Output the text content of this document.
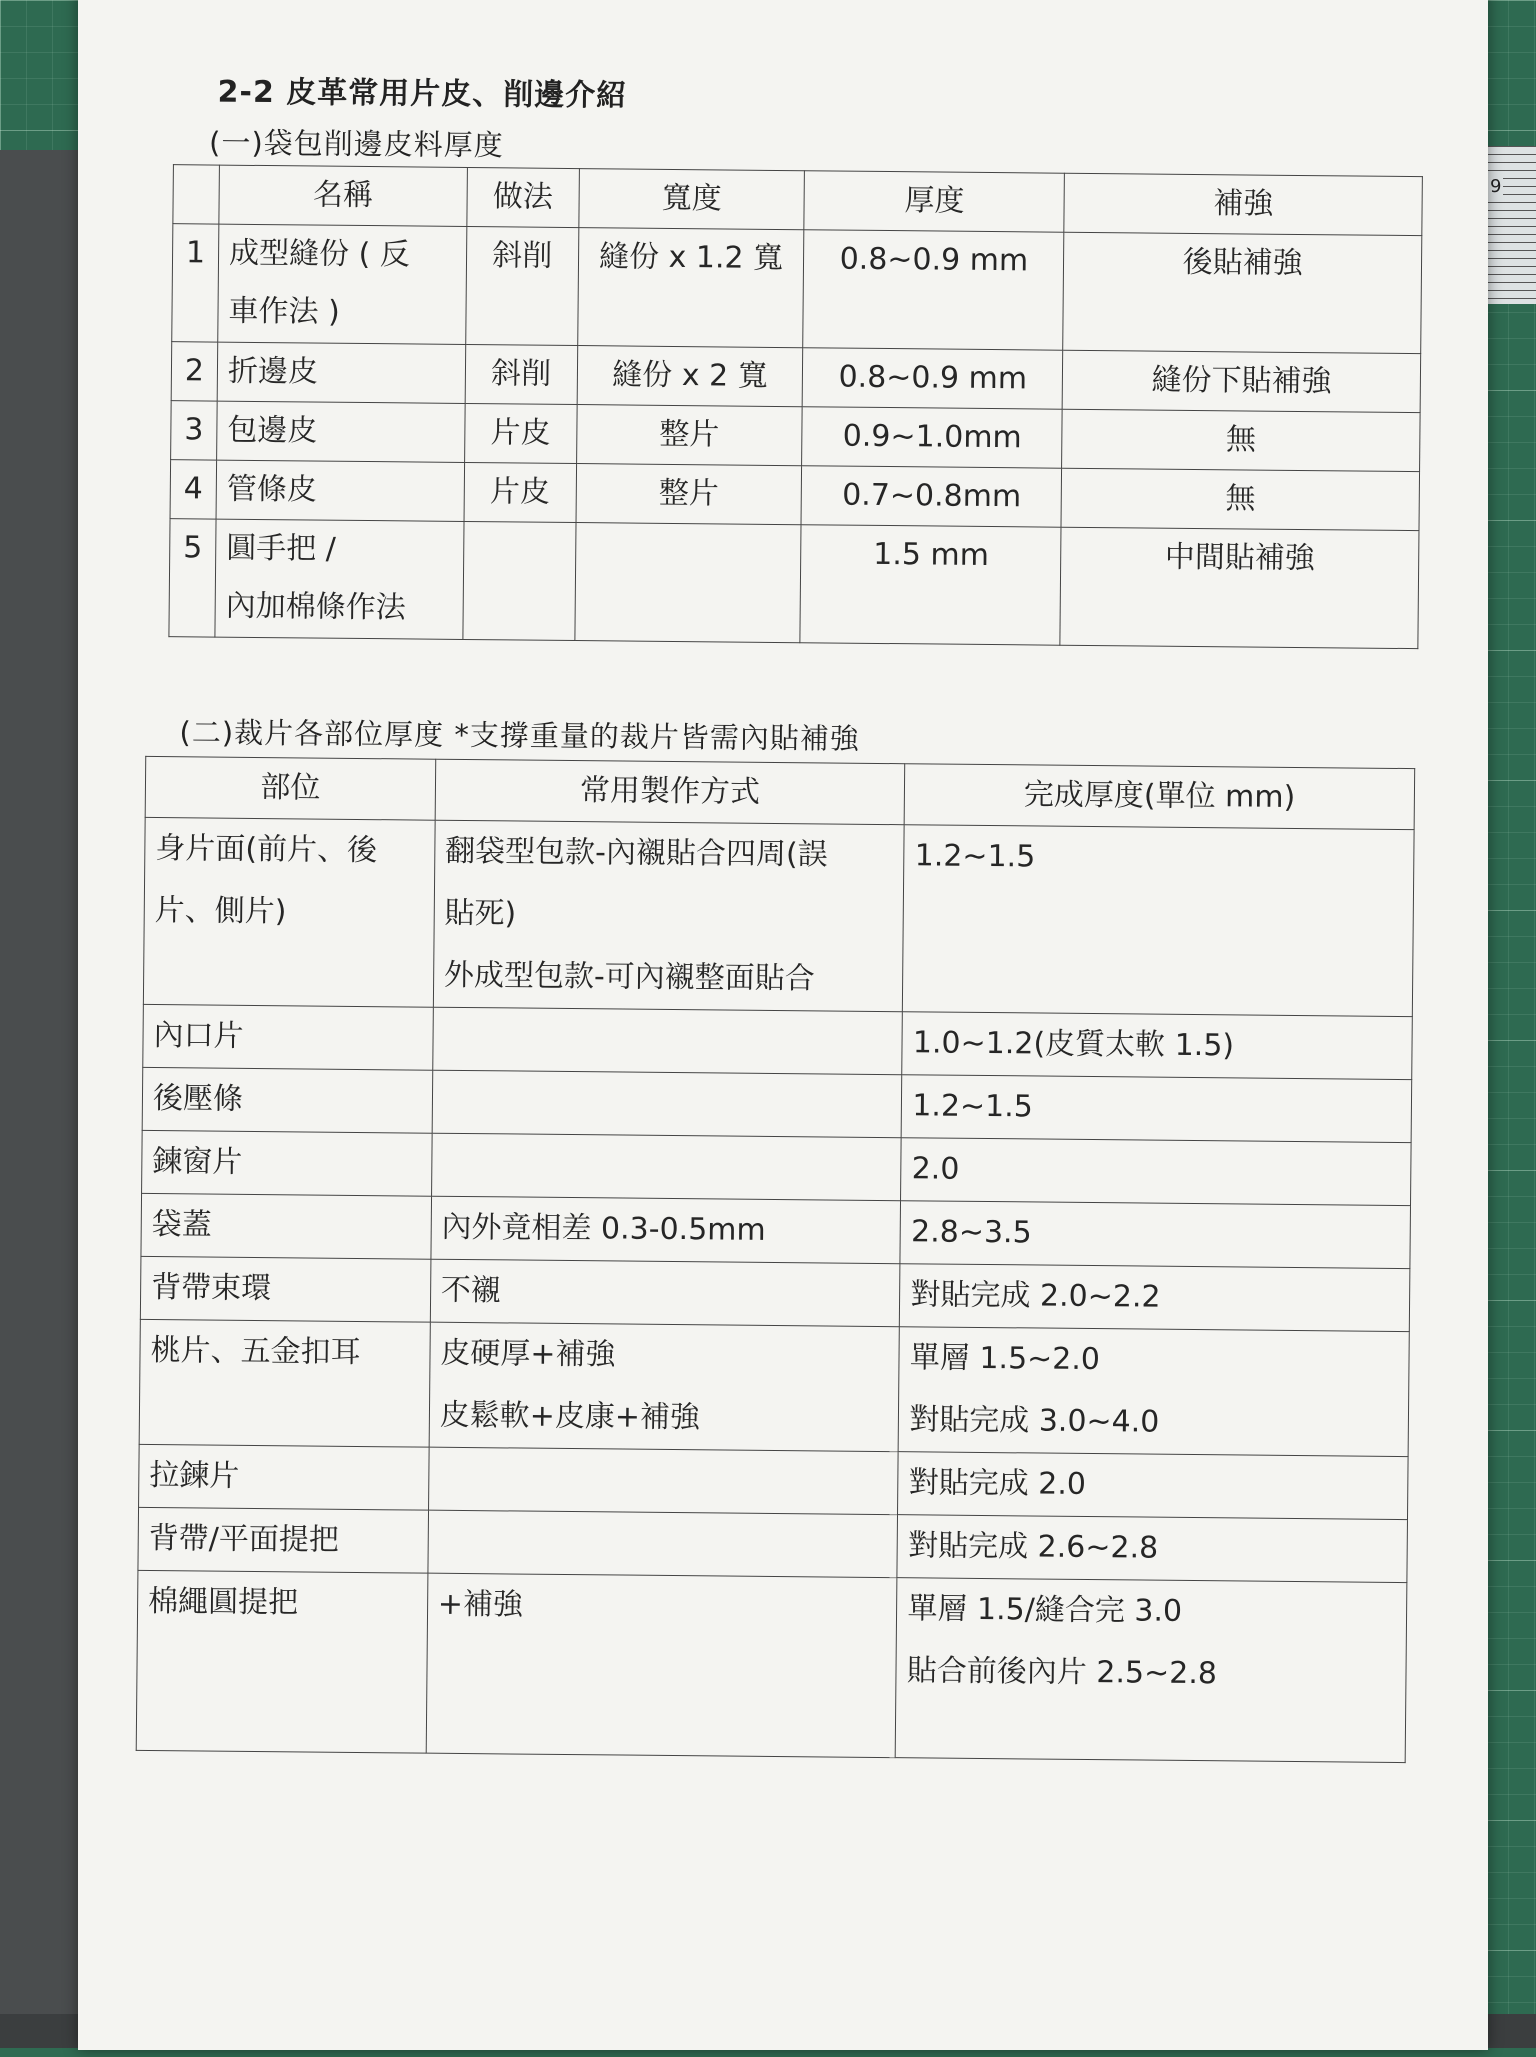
9
2-2 皮革常用片皮、削邊介紹
(一)袋包削邊皮料厚度
	名稱	做法	寬度	厚度	補強
1	成型縫份 ( 反
車作法 )	斜削	縫份 x 1.2 寬	0.8~0.9 mm	後貼補強
2	折邊皮	斜削	縫份 x 2 寬	0.8~0.9 mm	縫份下貼補強
3	包邊皮	片皮	整片	0.9~1.0mm	無
4	管條皮	片皮	整片	0.7~0.8mm	無
5	圓手把 /
內加棉條作法			1.5 mm	中間貼補強
(二)裁片各部位厚度 *支撐重量的裁片皆需內貼補強
部位	常用製作方式	完成厚度(單位 mm)

身片面(前片、後
片、側片)	翻袋型包款-內襯貼合四周(誤
貼死)
外成型包款-可內襯整面貼合	1.2~1.5

內口片		1.0~1.2(皮質太軟 1.5)

後壓條		1.2~1.5

鍊窗片		2.0

袋蓋	內外竟相差 0.3-0.5mm	2.8~3.5

背帶束環	不襯	對貼完成 2.0~2.2

桃片、五金扣耳	皮硬厚+補強
皮鬆軟+皮康+補強	單層 1.5~2.0
對貼完成 3.0~4.0

拉鍊片		對貼完成 2.0

背帶/平面提把		對貼完成 2.6~2.8

棉繩圓提把	+補強	單層 1.5/縫合完 3.0
貼合前後內片 2.5~2.8
